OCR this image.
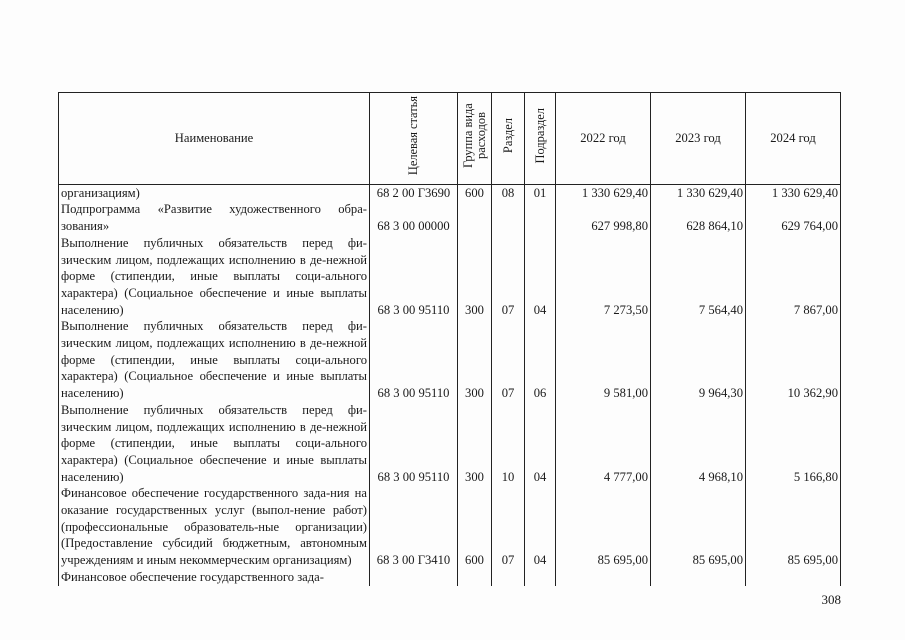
Наименование	Целевая статья	Группа вида расходов	Раздел	Подраздел	2022 год	2023 год	2024 год
организациям)	68 2 00 Г3690	600	08	01	1 330 629,40	1 330 629,40	1 330 629,40
Подпрограмма «Развитие художественного обра-зования»	68 3 00 00000				627 998,80	628 864,10	629 764,00
Выполнение публичных обязательств перед фи-зическим лицом, подлежащих исполнению в де-нежной форме (стипендии, иные выплаты соци-ального характера) (Социальное обеспечение и иные выплаты населению)	68 3 00 95110	300	07	04	7 273,50	7 564,40	7 867,00
Выполнение публичных обязательств перед фи-зическим лицом, подлежащих исполнению в де-нежной форме (стипендии, иные выплаты соци-ального характера) (Социальное обеспечение и иные выплаты населению)	68 3 00 95110	300	07	06	9 581,00	9 964,30	10 362,90
Выполнение публичных обязательств перед фи-зическим лицом, подлежащих исполнению в де-нежной форме (стипендии, иные выплаты соци-ального характера) (Социальное обеспечение и иные выплаты населению)	68 3 00 95110	300	10	04	4 777,00	4 968,10	5 166,80
Финансовое обеспечение государственного зада-ния на оказание государственных услуг (выпол-нение работ) (профессиональные образователь-ные организации) (Предоставление субсидий бюджетным, автономным учреждениям и иным некоммерческим организациям)	68 3 00 Г3410	600	07	04	85 695,00	85 695,00	85 695,00
Финансовое обеспечение государственного зада-							
308
